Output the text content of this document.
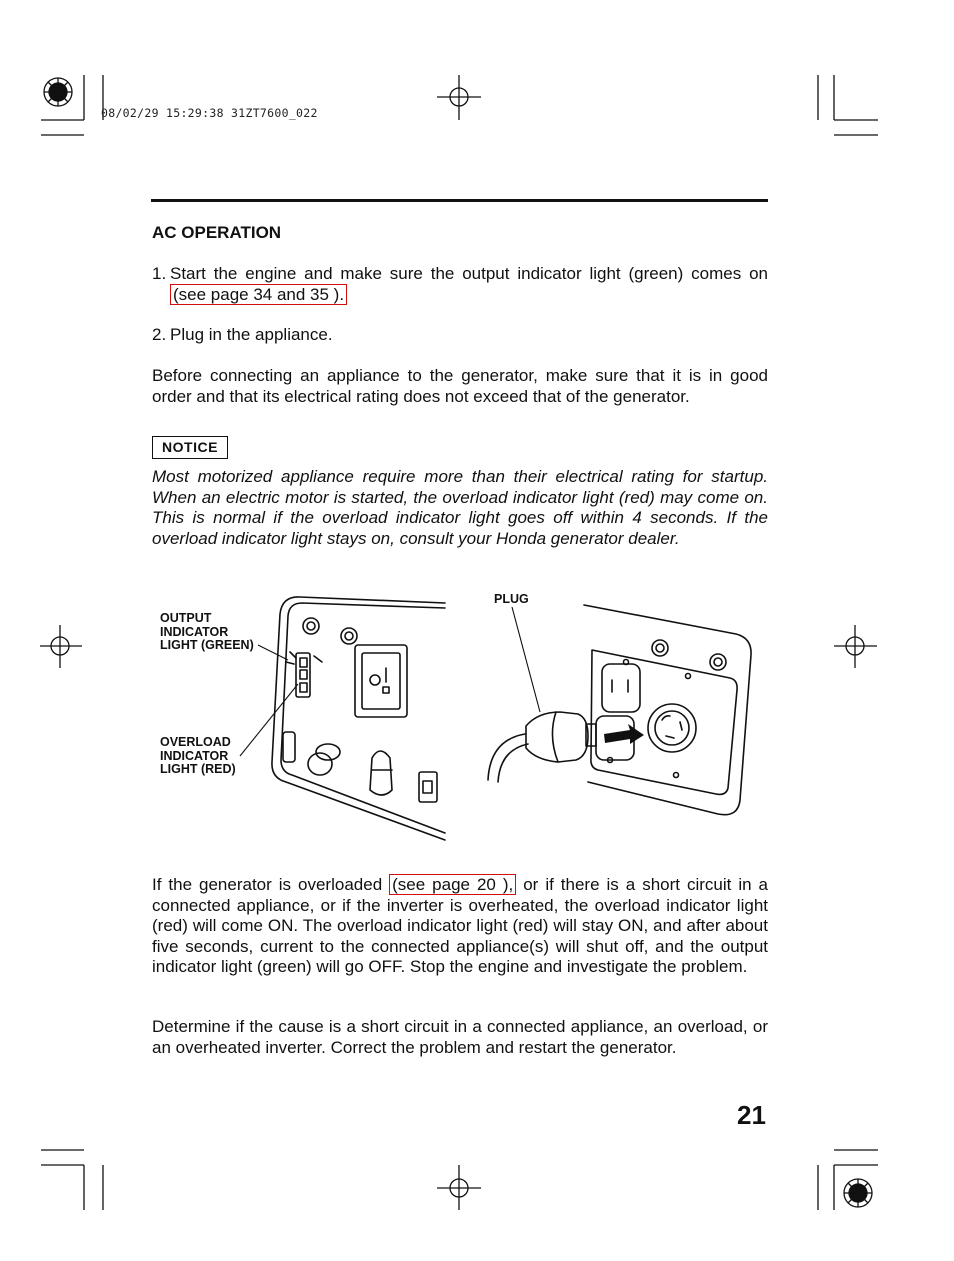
08/02/29 15:29:38 31ZT7600_022
AC OPERATION
1. Start the engine and make sure the output indicator light (green) comes on (see page 34 and 35 ).
2. Plug in the appliance.
Before connecting an appliance to the generator, make sure that it is in good order and that its electrical rating does not exceed that of the generator.
NOTICE
Most motorized appliance require more than their electrical rating for startup. When an electric motor is started, the overload indicator light (red) may come on. This is normal if the overload indicator light goes off within 4 seconds. If the overload indicator light stays on, consult your Honda generator dealer.
OUTPUT
INDICATOR
LIGHT (GREEN)
OVERLOAD
INDICATOR
LIGHT (RED)
PLUG
If the generator is overloaded (see page 20 ), or if there is a short circuit in a connected appliance, or if the inverter is overheated, the overload indicator light (red) will come ON. The overload indicator light (red) will stay ON, and after about five seconds, current to the connected appliance(s) will shut off, and the output indicator light (green) will go OFF. Stop the engine and investigate the problem.
Determine if the cause is a short circuit in a connected appliance, an overload, or an overheated inverter. Correct the problem and restart the generator.
21
